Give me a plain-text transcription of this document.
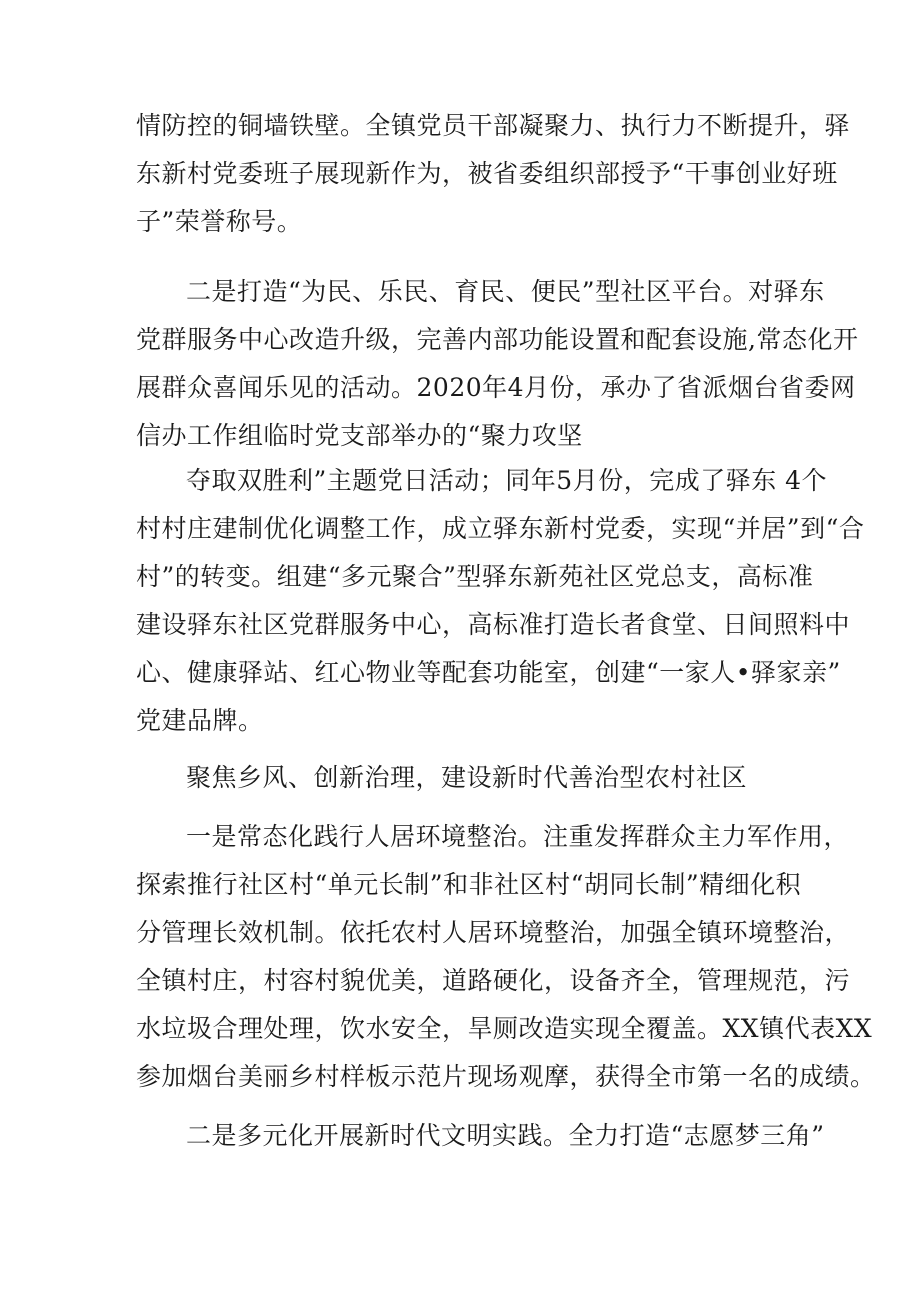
情防控的铜墙铁壁。全镇党员干部凝聚力、执行力不断提升，驿
东新村党委班子展现新作为，被省委组织部授予“干事创业好班
子”荣誉称号。
二是打造“为民、乐民、育民、便民”型社区平台。对驿东
党群服务中心改造升级，完善内部功能设置和配套设施,常态化开
展群众喜闻乐见的活动。2020年4月份，承办了省派烟台省委网
信办工作组临时党支部举办的“聚力攻坚
夺取双胜利”主题党日活动；同年5月份，完成了驿东 4个
村村庄建制优化调整工作，成立驿东新村党委，实现“并居”到“合
村”的转变。组建“多元聚合”型驿东新苑社区党总支，高标准
建设驿东社区党群服务中心，高标准打造长者食堂、日间照料中
心、健康驿站、红心物业等配套功能室，创建“一家人•驿家亲”
党建品牌。
聚焦乡风、创新治理，建设新时代善治型农村社区
一是常态化践行人居环境整治。注重发挥群众主力军作用，
探索推行社区村“单元长制”和非社区村“胡同长制”精细化积
分管理长效机制。依托农村人居环境整治，加强全镇环境整治，
全镇村庄，村容村貌优美，道路硬化，设备齐全，管理规范，污
水垃圾合理处理，饮水安全，旱厕改造实现全覆盖。XX镇代表XX
参加烟台美丽乡村样板示范片现场观摩，获得全市第一名的成绩。
二是多元化开展新时代文明实践。全力打造“志愿梦三角”
